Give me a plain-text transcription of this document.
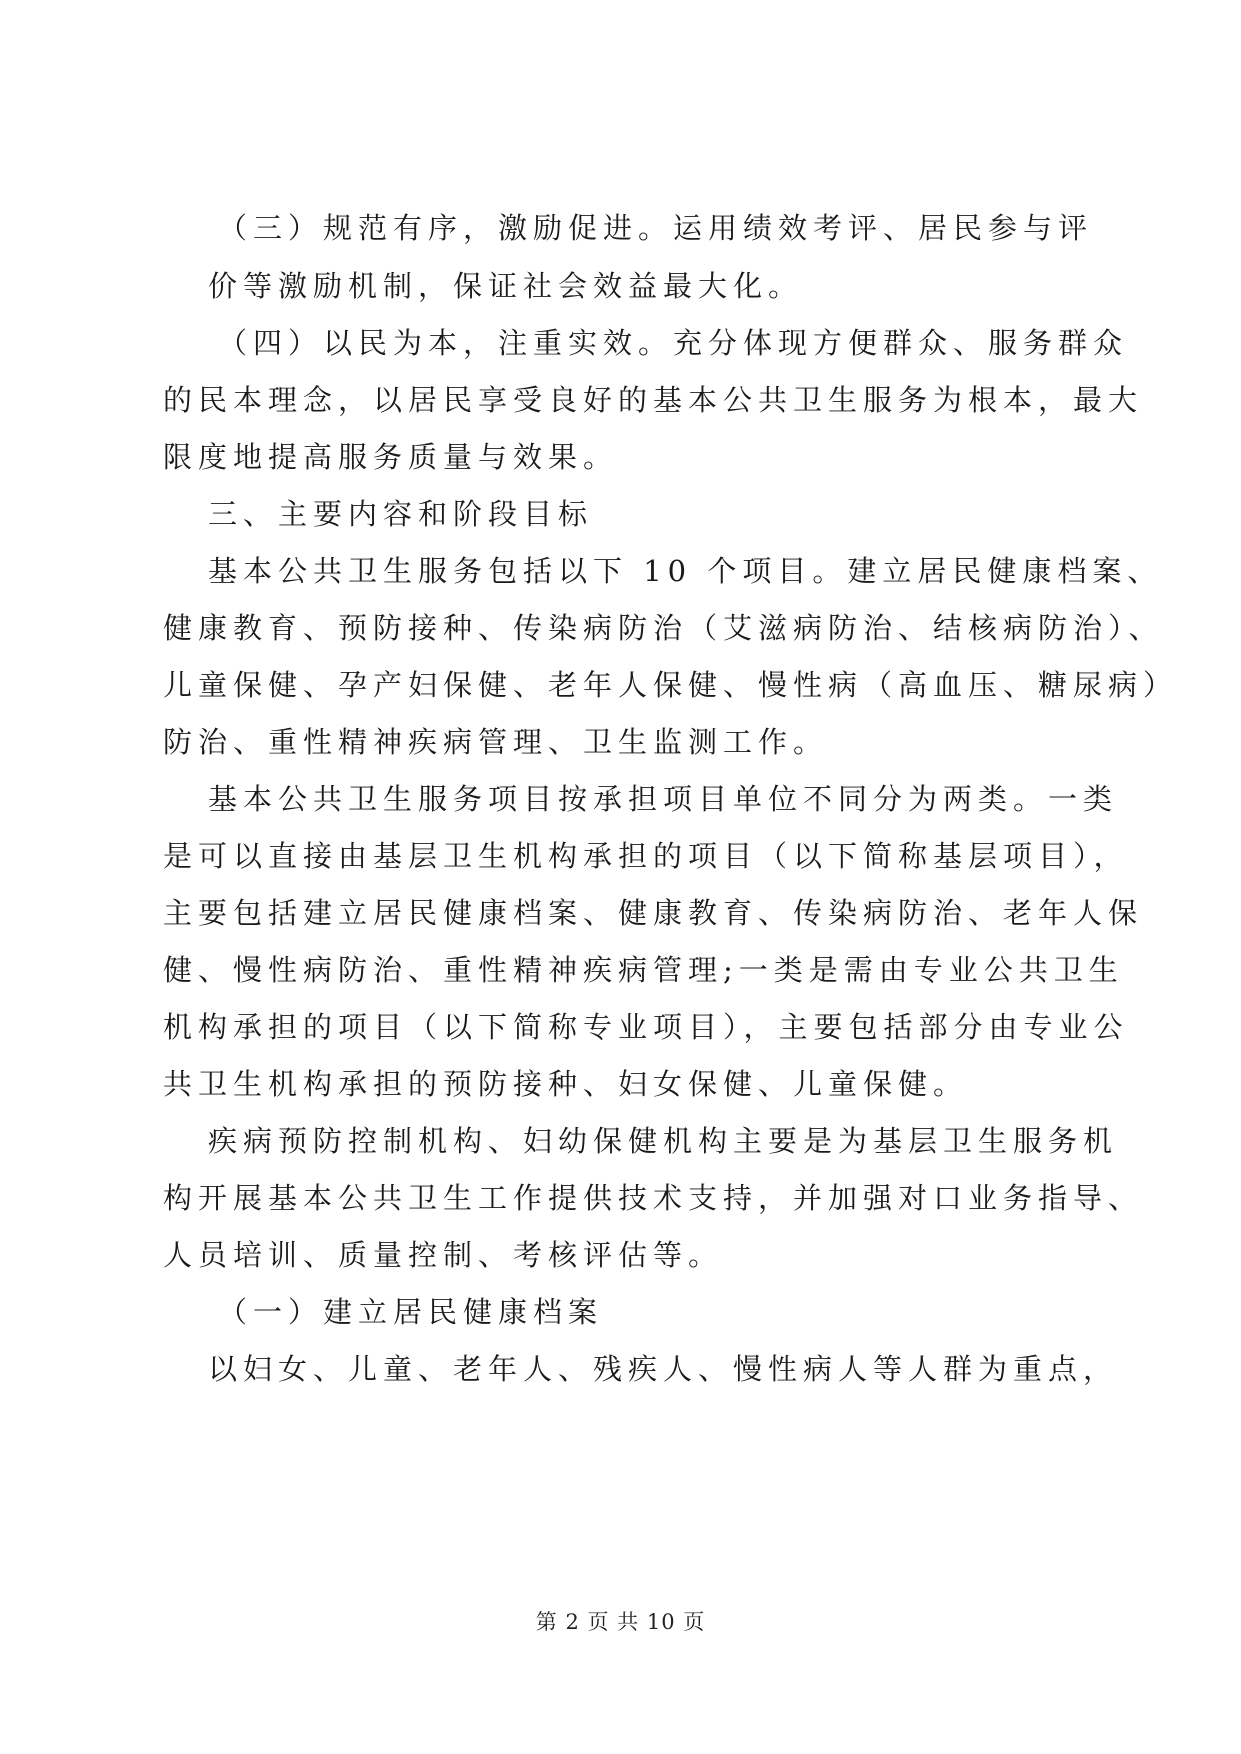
（三）规范有序，激励促进。运用绩效考评、居民参与评
价等激励机制，保证社会效益最大化。
（四）以民为本，注重实效。充分体现方便群众、服务群众
的民本理念，以居民享受良好的基本公共卫生服务为根本，最大
限度地提高服务质量与效果。
三、主要内容和阶段目标
基本公共卫生服务包括以下 10 个项目。建立居民健康档案、
健康教育、预防接种、传染病防治（艾滋病防治、结核病防治）、
儿童保健、孕产妇保健、老年人保健、慢性病（高血压、糖尿病）
防治、重性精神疾病管理、卫生监测工作。
基本公共卫生服务项目按承担项目单位不同分为两类。一类
是可以直接由基层卫生机构承担的项目（以下简称基层项目），
主要包括建立居民健康档案、健康教育、传染病防治、老年人保
健、慢性病防治、重性精神疾病管理;一类是需由专业公共卫生
机构承担的项目（以下简称专业项目），主要包括部分由专业公
共卫生机构承担的预防接种、妇女保健、儿童保健。
疾病预防控制机构、妇幼保健机构主要是为基层卫生服务机
构开展基本公共卫生工作提供技术支持，并加强对口业务指导、
人员培训、质量控制、考核评估等。
（一）建立居民健康档案
以妇女、儿童、老年人、残疾人、慢性病人等人群为重点，
第 2 页 共 10 页
